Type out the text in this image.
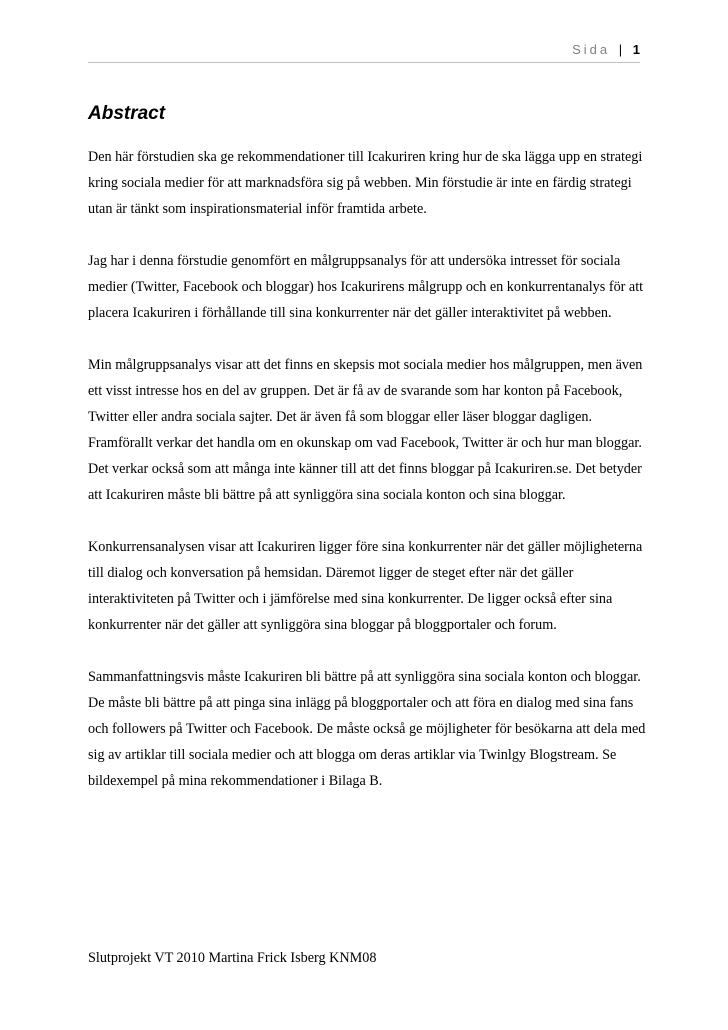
Sida | 1
Abstract

Den här förstudien ska ge rekommendationer till Icakuriren kring hur de ska lägga upp en strategi kring sociala medier för att marknadsföra sig på webben. Min förstudie är inte en färdig strategi utan är tänkt som inspirationsmaterial inför framtida arbete.

Jag har i denna förstudie genomfört en målgruppsanalys för att undersöka intresset för sociala medier (Twitter, Facebook och bloggar) hos Icakurirens målgrupp och en konkurrentanalys för att placera Icakuriren i förhållande till sina konkurrenter när det gäller interaktivitet på webben.

Min målgruppsanalys visar att det finns en skepsis mot sociala medier hos målgruppen, men även ett visst intresse hos en del av gruppen. Det är få av de svarande som har konton på Facebook, Twitter eller andra sociala sajter. Det är även få som bloggar eller läser bloggar dagligen. Framförallt verkar det handla om en okunskap om vad Facebook, Twitter är och hur man bloggar. Det verkar också som att många inte känner till att det finns bloggar på Icakuriren.se. Det betyder att Icakuriren måste bli bättre på att synliggöra sina sociala konton och sina bloggar.

Konkurrensanalysen visar att Icakuriren ligger före sina konkurrenter när det gäller möjligheterna till dialog och konversation på hemsidan. Däremot ligger de steget efter när det gäller interaktiviteten på Twitter och i jämförelse med sina konkurrenter. De ligger också efter sina konkurrenter när det gäller att synliggöra sina bloggar på bloggportaler och forum.

Sammanfattningsvis måste Icakuriren bli bättre på att synliggöra sina sociala konton och bloggar. De måste bli bättre på att pinga sina inlägg på bloggportaler och att föra en dialog med sina fans och followers på Twitter och Facebook. De måste också ge möjligheter för besökarna att dela med sig av artiklar till sociala medier och att blogga om deras artiklar via Twinlgy Blogstream. Se bildexempel på mina rekommendationer i Bilaga B.

Slutprojekt VT 2010 Martina Frick Isberg KNM08
